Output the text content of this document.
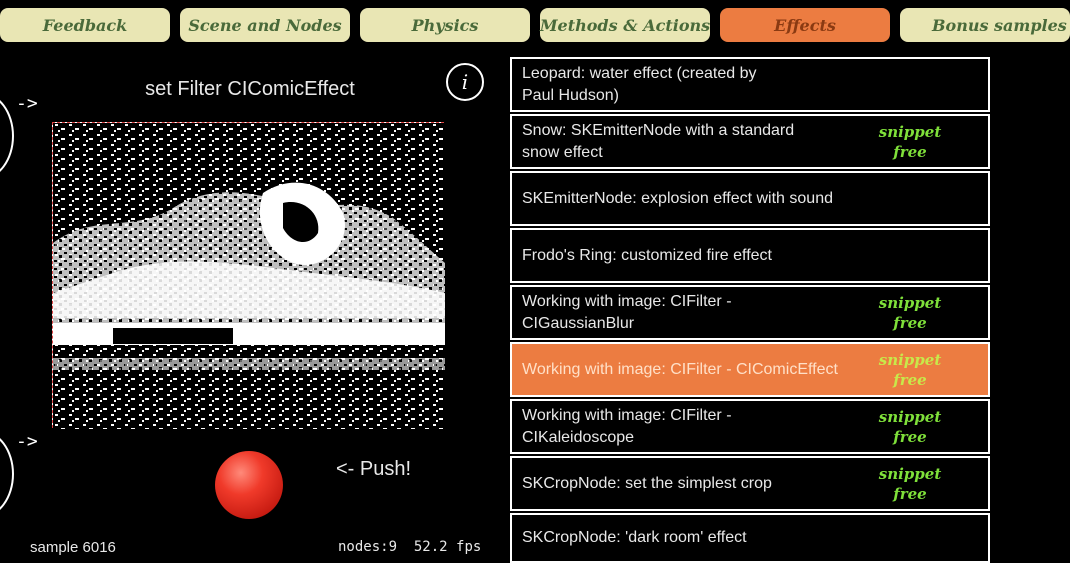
Feedback	Scene and Nodes	Physics	Methods & Actions	Effects	Bonus samples
set Filter CIComicEffect	i
->
->
<- Push!
sample 6016	nodes:9 52.2 fps
Leopard: water effect (created by
Paul Hudson)
Snow: SKEmitterNode with a standard
snow effect
snippet
free
SKEmitterNode: explosion effect with sound
Frodo's Ring: customized fire effect
Working with image: CIFilter -
CIGaussianBlur
snippet
free
Working with image: CIFilter - CIComicEffect
snippet
free
Working with image: CIFilter -
CIKaleidoscope
snippet
free
SKCropNode: set the simplest crop
snippet
free
SKCropNode: 'dark room' effect
